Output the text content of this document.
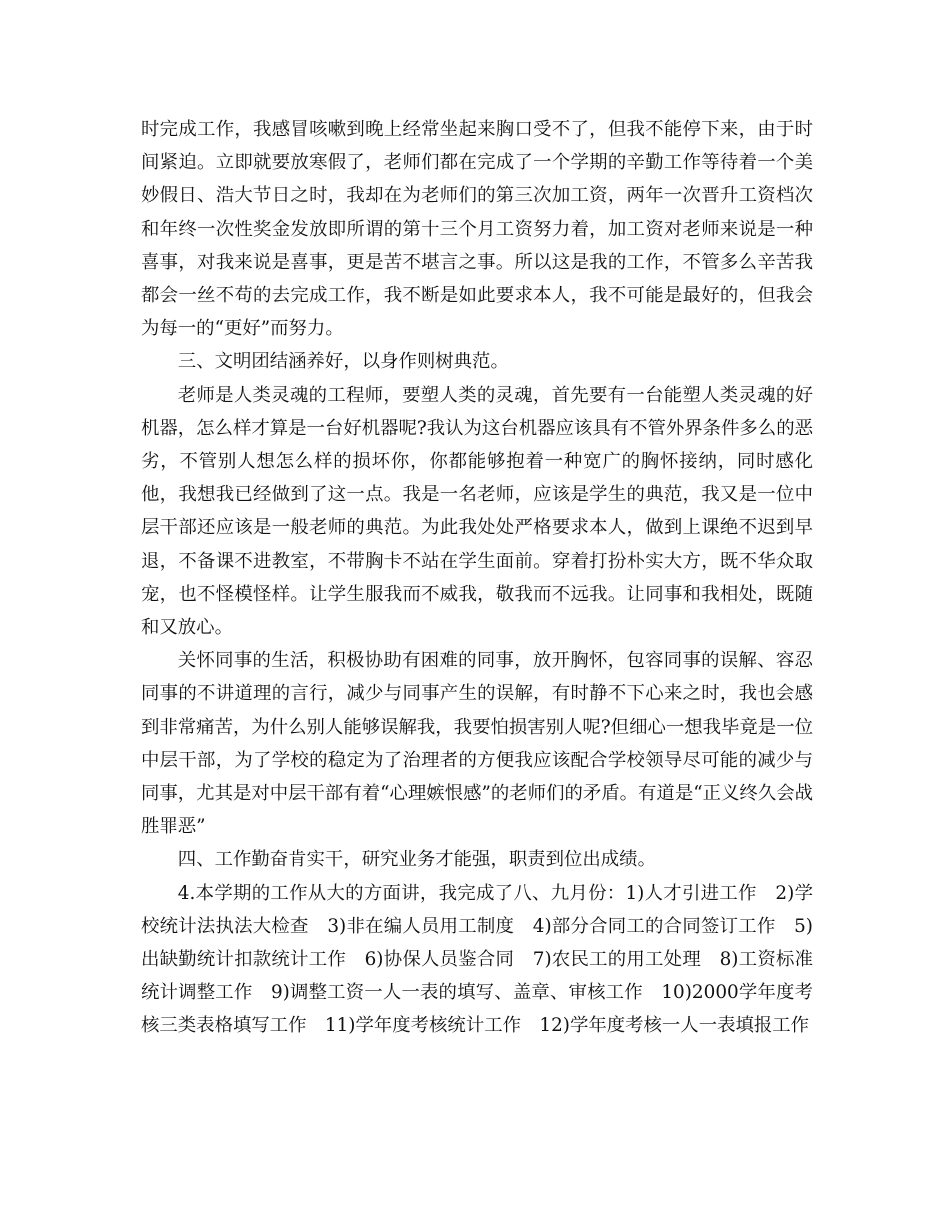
时完成工作，我感冒咳嗽到晚上经常坐起来胸口受不了，但我不能停下来，由于时间紧迫。立即就要放寒假了，老师们都在完成了一个学期的辛勤工作等待着一个美妙假日、浩大节日之时，我却在为老师们的第三次加工资，两年一次晋升工资档次和年终一次性奖金发放即所谓的第十三个月工资努力着，加工资对老师来说是一种喜事，对我来说是喜事，更是苦不堪言之事。所以这是我的工作，不管多么辛苦我都会一丝不苟的去完成工作，我不断是如此要求本人，我不可能是最好的，但我会为每一的“更好”而努力。

三、文明团结涵养好，以身作则树典范。

老师是人类灵魂的工程师，要塑人类的灵魂，首先要有一台能塑人类灵魂的好机器，怎么样才算是一台好机器呢?我认为这台机器应该具有不管外界条件多么的恶劣，不管别人想怎么样的损坏你，你都能够抱着一种宽广的胸怀接纳，同时感化他，我想我已经做到了这一点。我是一名老师，应该是学生的典范，我又是一位中层干部还应该是一般老师的典范。为此我处处严格要求本人，做到上课绝不迟到早退，不备课不进教室，不带胸卡不站在学生面前。穿着打扮朴实大方，既不华众取宠，也不怪模怪样。让学生服我而不威我，敬我而不远我。让同事和我相处，既随和又放心。

关怀同事的生活，积极协助有困难的同事，放开胸怀，包容同事的误解、容忍同事的不讲道理的言行，减少与同事产生的误解，有时静不下心来之时，我也会感到非常痛苦，为什么别人能够误解我，我要怕损害别人呢?但细心一想我毕竟是一位中层干部，为了学校的稳定为了治理者的方便我应该配合学校领导尽可能的减少与同事，尤其是对中层干部有着“心理嫉恨感”的老师们的矛盾。有道是“正义终久会战胜罪恶”

四、工作勤奋肯实干，研究业务才能强，职责到位出成绩。

4.本学期的工作从大的方面讲，我完成了八、九月份：1)人才引进工作　2)学校统计法执法大检查　3)非在编人员用工制度　4)部分合同工的合同签订工作　5)出缺勤统计扣款统计工作　6)协保人员鉴合同　7)农民工的用工处理　8)工资标准统计调整工作　9)调整工资一人一表的填写、盖章、审核工作　10)2000学年度考核三类表格填写工作　11)学年度考核统计工作　12)学年度考核一人一表填报工作
